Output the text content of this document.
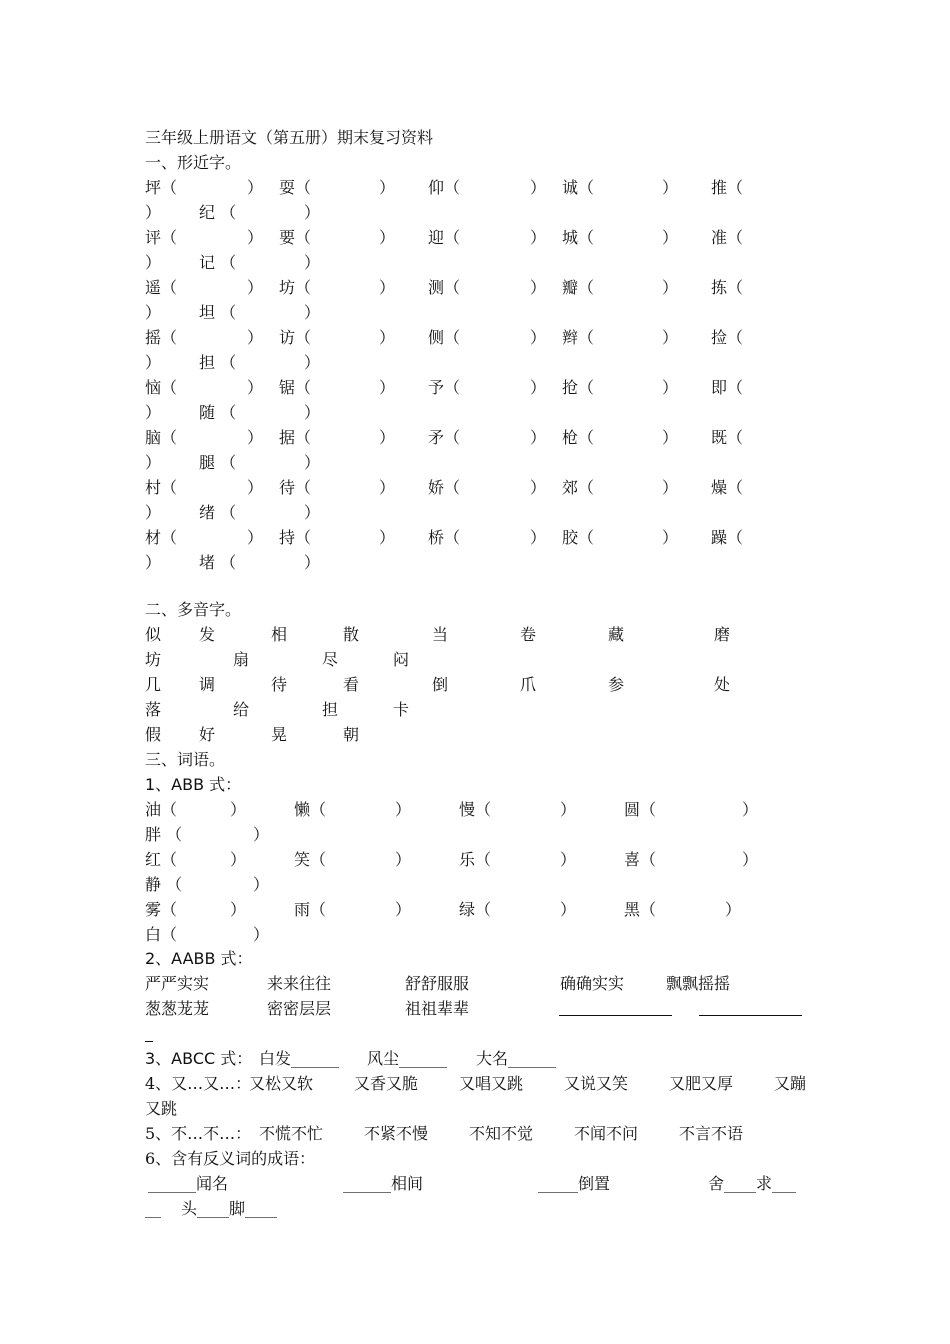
三年级上册语文（第五册）期末复习资料
一、形近字。
坪（	） 耍（	） 仰（	） 诚（	） 推（
） 纪 （	）
评（	） 要（	） 迎（	） 城（	） 准（
） 记 （	）
遥（	） 坊（	） 测（	） 瓣（	） 拣（
） 坦 （	）
摇（	） 访（	） 侧（	） 辫（	） 捡（
） 担 （	）
恼（	） 锯（	） 予（	） 抢（	） 即（
） 随 （	）
脑（	） 据（	） 矛（	） 枪（	） 既（
） 腿 （	）
村（	） 待（	） 娇（	） 郊（	） 燥（
） 绪 （	）
材（	） 持（	） 桥（	） 胶（	） 躁（
） 堵 （	）
二、多音字。
似 发	相	散	当	卷	藏	磨
坊	扇	尽	闷
几 调	待	看	倒	爪	参	处
落	给	担	卡
假 好	晃	朝
三、词语。
1、ABB 式：
油（	）	懒（	）	慢（	）	圆（	）
胖 （	）
红（	）	笑（	）	乐（	）	喜（	）
静 （	）
雾（	）	雨（	）	绿（	）	黑（	）
白（	）
2、AABB 式：
严严实实	来来往往	舒舒服服	确确实实	飘飘摇摇
葱葱茏茏	密密层层	祖祖辈辈
3、ABCC 式： 白发______ 风尘______ 大名______
4、又…又…：
又松又软	又香又脆	又唱又跳	又说又笑	又肥又厚	又蹦
又跳
5、不…不…： 不慌不忙	不紧不慢	不知不觉	不闻不问	不言不语
6、含有反义词的成语：
______闻名	______相间	_____倒置	舍____求___
__ 头____脚____
